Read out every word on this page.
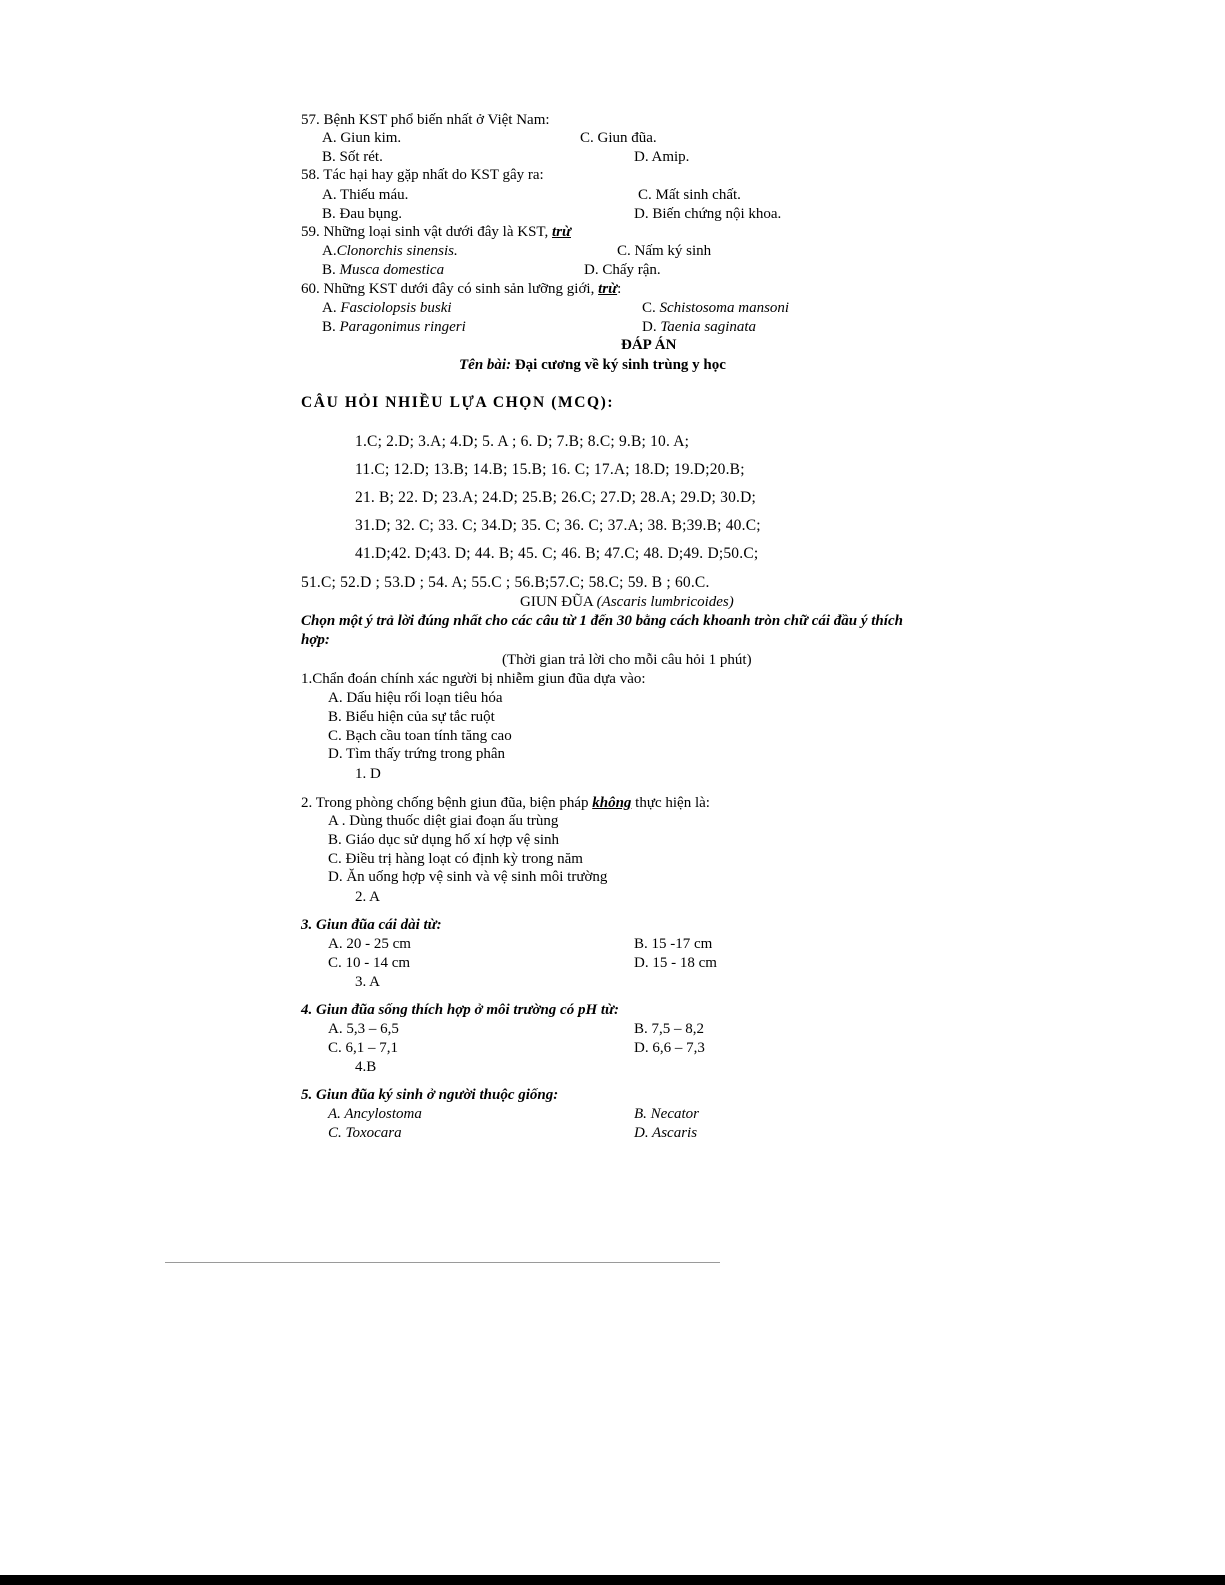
57. Bệnh KST phổ biến nhất ở Việt Nam:
A. Giun kim.	C. Giun đũa.
B. Sốt rét.	D. Amip.
58. Tác hại hay gặp nhất do KST gây ra:
A. Thiếu máu.	C. Mất sinh chất.
B. Đau bụng.	D. Biến chứng nội khoa.
59. Những loại sinh vật dưới đây là KST, trừ
A.Clonorchis sinensis.	C. Nấm ký sinh
B. Musca domestica	D. Chấy rận.
60. Những KST dưới đây có sinh sản lưỡng giới, trừ:
A. Fasciolopsis buski	C. Schistosoma mansoni
B. Paragonimus ringeri	D. Taenia saginata
ĐÁP ÁN
Tên bài: Đại cương về ký sinh trùng y học
CÂU HỎI NHIỀU LỰA CHỌN (MCQ):
1.C; 2.D; 3.A; 4.D; 5. A ; 6. D; 7.B; 8.C; 9.B; 10. A;
11.C; 12.D; 13.B; 14.B; 15.B; 16. C; 17.A; 18.D; 19.D;20.B;
21. B; 22. D; 23.A; 24.D; 25.B; 26.C; 27.D; 28.A; 29.D; 30.D;
31.D; 32. C; 33. C; 34.D; 35. C; 36. C; 37.A; 38. B;39.B; 40.C;
41.D;42. D;43. D; 44. B; 45. C; 46. B; 47.C; 48. D;49. D;50.C;
51.C; 52.D ; 53.D ; 54. A; 55.C ; 56.B;57.C; 58.C; 59. B ; 60.C.
GIUN ĐŨA (Ascaris lumbricoides)
Chọn một ý trả lời đúng nhất cho các câu từ 1 đến 30 bằng cách khoanh tròn chữ cái đầu ý thích
hợp:
(Thời gian trả lời cho mỗi câu hỏi 1 phút)
1.Chẩn đoán chính xác người bị nhiễm giun đũa dựa vào:
A. Dấu hiệu rối loạn tiêu hóa
B. Biểu hiện của sự tắc ruột
C. Bạch cầu toan tính tăng cao
D. Tìm thấy trứng trong phân
1. D
2. Trong phòng chống bệnh giun đũa, biện pháp không thực hiện là:
A . Dùng thuốc diệt giai đoạn ấu trùng
B. Giáo dục sử dụng hố xí hợp vệ sinh
C. Điều trị hàng loạt có định kỳ trong năm
D. Ăn uống hợp vệ sinh và vệ sinh môi trường
2. A
3. Giun đũa cái dài từ:
A. 20 - 25 cm	B. 15 -17 cm
C. 10 - 14 cm	D. 15 - 18 cm
3. A
4. Giun đũa sống thích hợp ở môi trường có pH từ:
A. 5,3 – 6,5	B. 7,5 – 8,2
C. 6,1 – 7,1	D. 6,6 – 7,3
4.B
5. Giun đũa ký sinh ở người thuộc giống:
A. Ancylostoma	B. Necator
C. Toxocara	D. Ascaris
